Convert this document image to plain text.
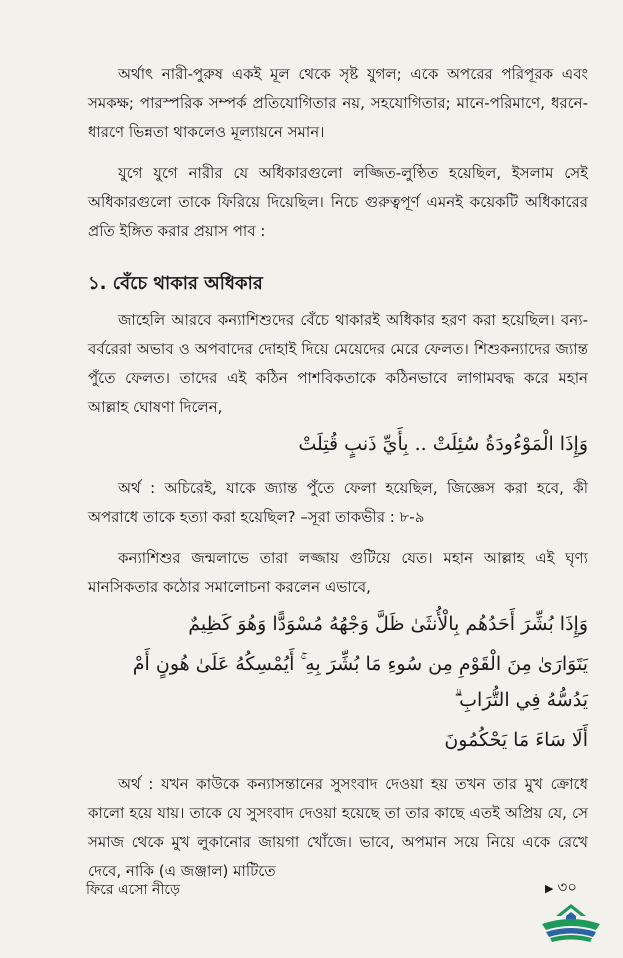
অর্থাৎ নারী-পুরুষ একই মূল থেকে সৃষ্ট যুগল; একে অপরের পরিপূরক এবং সমকক্ষ; পারস্পরিক সম্পর্ক প্রতিযোগিতার নয়, সহযোগিতার; মানে-পরিমাণে, ধরনে-ধারণে ভিন্নতা থাকলেও মূল্যায়নে সমান।

যুগে যুগে নারীর যে অধিকারগুলো লজ্জিত-লুণ্ঠিত হয়েছিল, ইসলাম সেই অধিকারগুলো তাকে ফিরিয়ে দিয়েছিল। নিচে গুরুত্বপূর্ণ এমনই কয়েকটি অধিকারের প্রতি ইঙ্গিত করার প্রয়াস পাব :

১. বেঁচে থাকার অধিকার

জাহেলি আরবে কন্যাশিশুদের বেঁচে থাকারই অধিকার হরণ করা হয়েছিল। বন্য-বর্বরেরা অভাব ও অপবাদের দোহাই দিয়ে মেয়েদের মেরে ফেলত। শিশুকন্যাদের জ্যান্ত পুঁতে ফেলত। তাদের এই কঠিন পাশবিকতাকে কঠিনভাবে লাগামবদ্ধ করে মহান আল্লাহ ঘোষণা দিলেন,

وَإِذَا الْمَوْءُودَةُ سُئِلَتْ .. بِأَيِّ ذَنبٍ قُتِلَتْ

অর্থ : অচিরেই, যাকে জ্যান্ত পুঁতে ফেলা হয়েছিল, জিজ্ঞেস করা হবে, কী অপরাধে তাকে হত্যা করা হয়েছিল? –সূরা তাকভীর : ৮-৯

কন্যাশিশুর জন্মলাভে তারা লজ্জায় গুটিয়ে যেত। মহান আল্লাহ এই ঘৃণ্য মানসিকতার কঠোর সমালোচনা করলেন এভাবে,

وَإِذَا بُشِّرَ أَحَدُهُم بِالْأُنثَىٰ ظَلَّ وَجْهُهُ مُسْوَدًّا وَهُوَ كَظِيمٌ
يَتَوَارَىٰ مِنَ الْقَوْمِ مِن سُوءِ مَا بُشِّرَ بِهِ ۚ أَيُمْسِكُهُ عَلَىٰ هُونٍ أَمْ يَدُسُّهُ فِي التُّرَابِ ۗ
أَلَا سَاءَ مَا يَحْكُمُونَ

অর্থ : যখন কাউকে কন্যাসন্তানের সুসংবাদ দেওয়া হয় তখন তার মুখ ক্রোধে কালো হয়ে যায়। তাকে যে সুসংবাদ দেওয়া হয়েছে তা তার কাছে এতই অপ্রিয় যে, সে সমাজ থেকে মুখ লুকানোর জায়গা খোঁজে। ভাবে, অপমান সয়ে নিয়ে একে রেখে দেবে, নাকি (এ জঞ্জাল) মাটিতে

ফিরে এসো নীড়ে	▶ ৩০
